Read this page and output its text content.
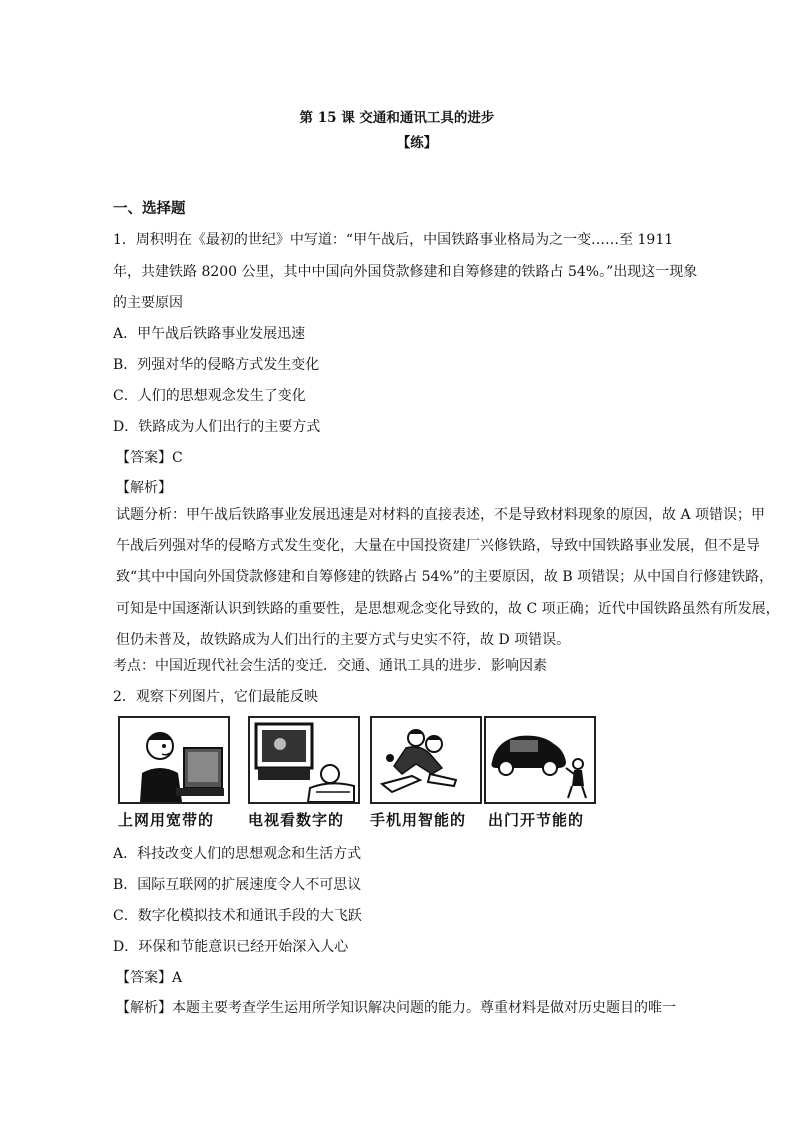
第 15 课 交通和通讯工具的进步
【练】
一、选择题
1．周积明在《最初的世纪》中写道：“甲午战后，中国铁路事业格局为之一变……至 1911
年，共建铁路 8200 公里，其中中国向外国贷款修建和自筹修建的铁路占 54%。”出现这一现象
的主要原因
A．甲午战后铁路事业发展迅速
B．列强对华的侵略方式发生变化
C．人们的思想观念发生了变化
D．铁路成为人们出行的主要方式
【答案】C
【解析】
试题分析：甲午战后铁路事业发展迅速是对材料的直接表述，不是导致材料现象的原因，故 A 项错误；甲
午战后列强对华的侵略方式发生变化，大量在中国投资建厂兴修铁路，导致中国铁路事业发展，但不是导
致“其中中国向外国贷款修建和自筹修建的铁路占 54%”的主要原因，故 B 项错误；从中国自行修建铁路，
可知是中国逐渐认识到铁路的重要性，是思想观念变化导致的，故 C 项正确；近代中国铁路虽然有所发展，
但仍未普及，故铁路成为人们出行的主要方式与史实不符，故 D 项错误。
考点：中国近现代社会生活的变迁．交通、通讯工具的进步．影响因素
2．观察下列图片，它们最能反映
上网用宽带的 电视看数字的 手机用智能的 出门开节能的
A．科技改变人们的思想观念和生活方式
B．国际互联网的扩展速度令人不可思议
C．数字化模拟技术和通讯手段的大飞跃
D．环保和节能意识已经开始深入人心
【答案】A
【解析】本题主要考查学生运用所学知识解决问题的能力。尊重材料是做对历史题目的唯一
